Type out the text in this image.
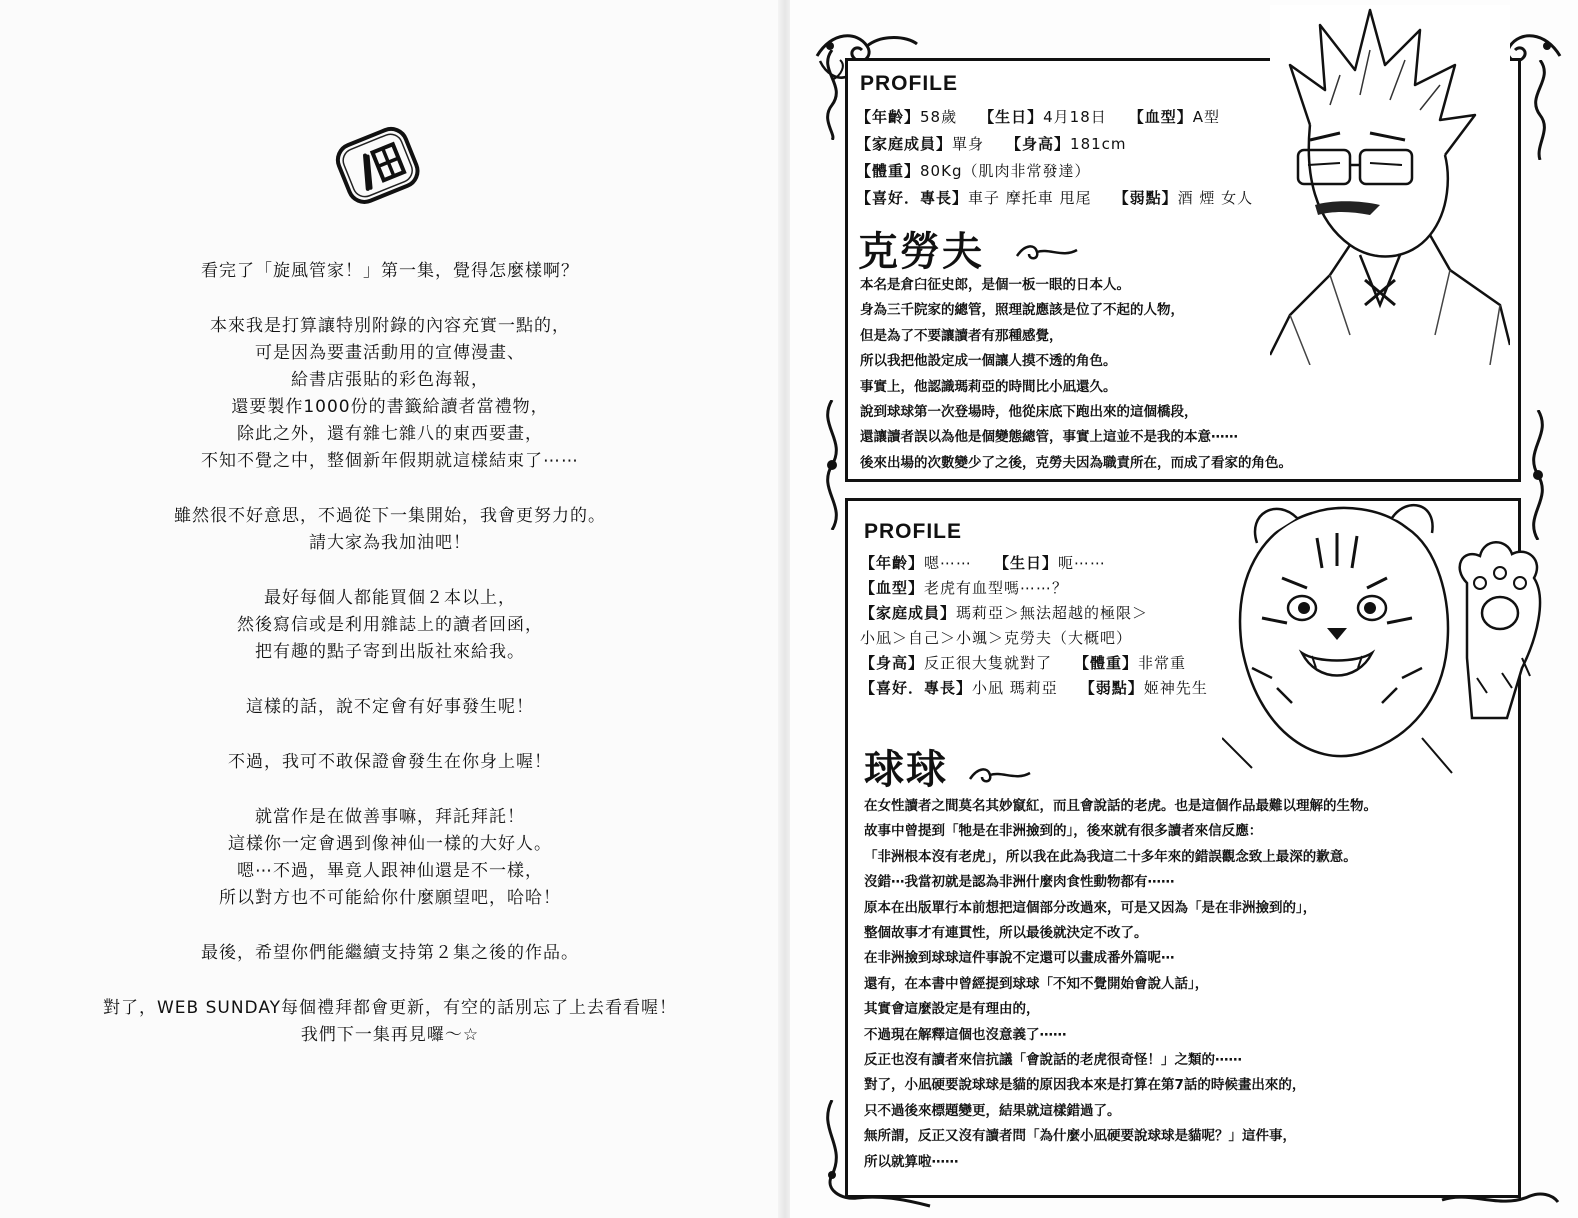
看完了「旋風管家！」第一集，覺得怎麼樣啊？
本來我是打算讓特別附錄的內容充實一點的，
可是因為要畫活動用的宣傳漫畫、
給書店張貼的彩色海報，
還要製作1000份的書籤給讀者當禮物，
除此之外，還有雜七雜八的東西要畫，
不知不覺之中，整個新年假期就這樣結束了⋯⋯
雖然很不好意思，不過從下一集開始，我會更努力的。
請大家為我加油吧！
最好每個人都能買個２本以上，
然後寫信或是利用雜誌上的讀者回函，
把有趣的點子寄到出版社來給我。
這樣的話，說不定會有好事發生呢！
不過，我可不敢保證會發生在你身上喔！
就當作是在做善事嘛，拜託拜託！
這樣你一定會遇到像神仙一樣的大好人。
嗯⋯不過，畢竟人跟神仙還是不一樣，
所以對方也不可能給你什麼願望吧，哈哈！
最後，希望你們能繼續支持第２集之後的作品。
對了，WEB SUNDAY每個禮拜都會更新，有空的話別忘了上去看看喔！
我們下一集再見囉～☆
PROFILE
【年齡】58歲 【生日】4月18日 【血型】A型
【家庭成員】單身 【身高】181cm
【體重】80Kg（肌肉非常發達）
【喜好．專長】車子 摩托車 甩尾 【弱點】酒 煙 女人
克勞夫
本名是倉臼征史郎，是個一板一眼的日本人。
身為三千院家的總管，照理說應該是位了不起的人物，
但是為了不要讓讀者有那種感覺，
所以我把他設定成一個讓人摸不透的角色。
事實上，他認識瑪莉亞的時間比小凪還久。
說到球球第一次登場時，他從床底下跑出來的這個橋段，
還讓讀者誤以為他是個變態總管，事實上這並不是我的本意⋯⋯
後來出場的次數變少了之後，克勞夫因為職責所在，而成了看家的角色。
PROFILE
【年齡】嗯⋯⋯ 【生日】呃⋯⋯
【血型】老虎有血型嗎⋯⋯？
【家庭成員】瑪莉亞＞無法超越的極限＞
小凪＞自己＞小颯＞克勞夫（大概吧）
【身高】反正很大隻就對了 【體重】非常重
【喜好．專長】小凪 瑪莉亞 【弱點】姬神先生
球球
在女性讀者之間莫名其妙竄紅，而且會說話的老虎。也是這個作品最難以理解的生物。
故事中曾提到「牠是在非洲撿到的」，後來就有很多讀者來信反應：
「非洲根本沒有老虎」，所以我在此為我這二十多年來的錯誤觀念致上最深的歉意。
沒錯⋯我當初就是認為非洲什麼肉食性動物都有⋯⋯
原本在出版單行本前想把這個部分改過來，可是又因為「是在非洲撿到的」，
整個故事才有連貫性，所以最後就決定不改了。
在非洲撿到球球這件事說不定還可以畫成番外篇呢⋯
還有，在本書中曾經提到球球「不知不覺開始會說人話」，
其實會這麼設定是有理由的，
不過現在解釋這個也沒意義了⋯⋯
反正也沒有讀者來信抗議「會說話的老虎很奇怪！」之類的⋯⋯
對了，小凪硬要說球球是貓的原因我本來是打算在第7話的時候畫出來的，
只不過後來標題變更，結果就這樣錯過了。
無所謂，反正又沒有讀者問「為什麼小凪硬要說球球是貓呢？」這件事，
所以就算啦⋯⋯
